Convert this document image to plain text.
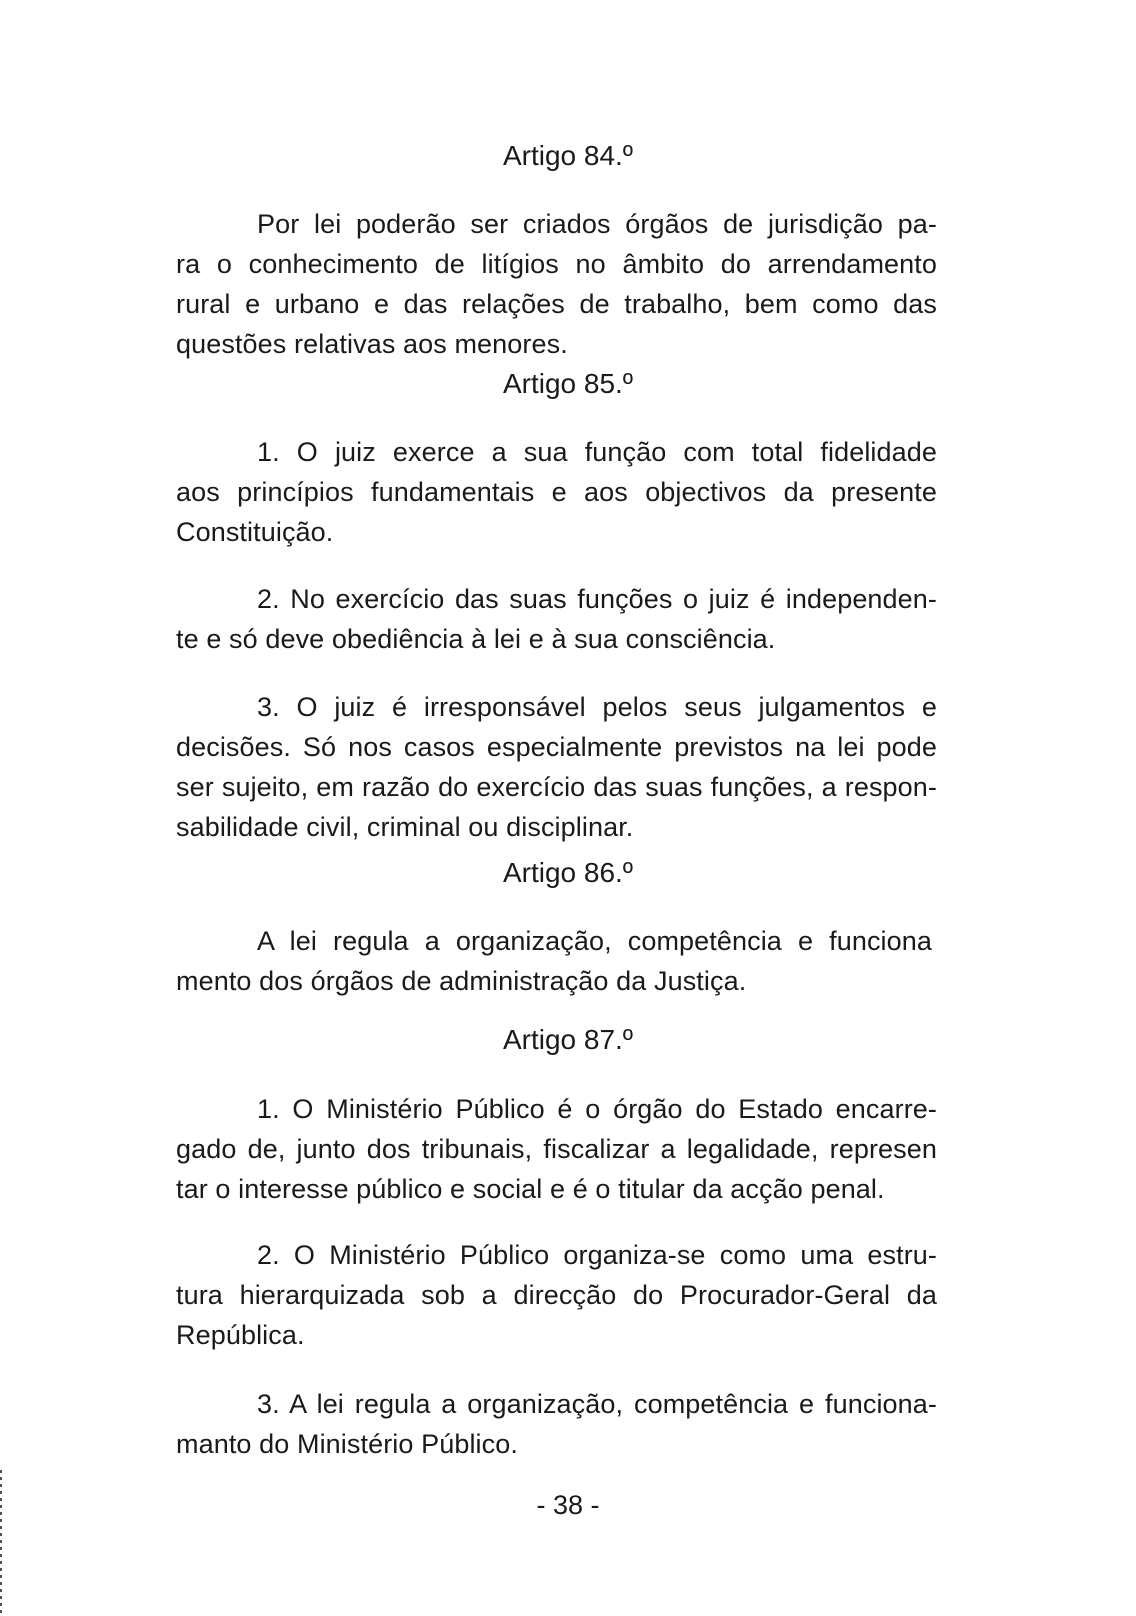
Artigo 84.º
Por lei poderão ser criados órgãos de jurisdição pa-
ra o conhecimento de litígios no âmbito do arrendamento
rural e urbano e das relações de trabalho, bem como das
questões relativas aos menores.
Artigo 85.º
1. O juiz exerce a sua função com total fidelidade
aos princípios fundamentais e aos objectivos da presente
Constituição.
2. No exercício das suas funções o juiz é independen-
te e só deve obediência à lei e à sua consciência.
3. O juiz é irresponsável pelos seus julgamentos e
decisões. Só nos casos especialmente previstos na lei pode
ser sujeito, em razão do exercício das suas funções, a respon-
sabilidade civil, criminal ou disciplinar.
Artigo 86.º
A lei regula a organização, competência e funciona
mento dos órgãos de administração da Justiça.
Artigo 87.º
1. O Ministério Público é o órgão do Estado encarre-
gado de, junto dos tribunais, fiscalizar a legalidade, represen
tar o interesse público e social e é o titular da acção penal.
2. O Ministério Público organiza-se como uma estru-
tura hierarquizada sob a direcção do Procurador-Geral da
República.
3. A lei regula a organização, competência e funciona-
manto do Ministério Público.
- 38 -
